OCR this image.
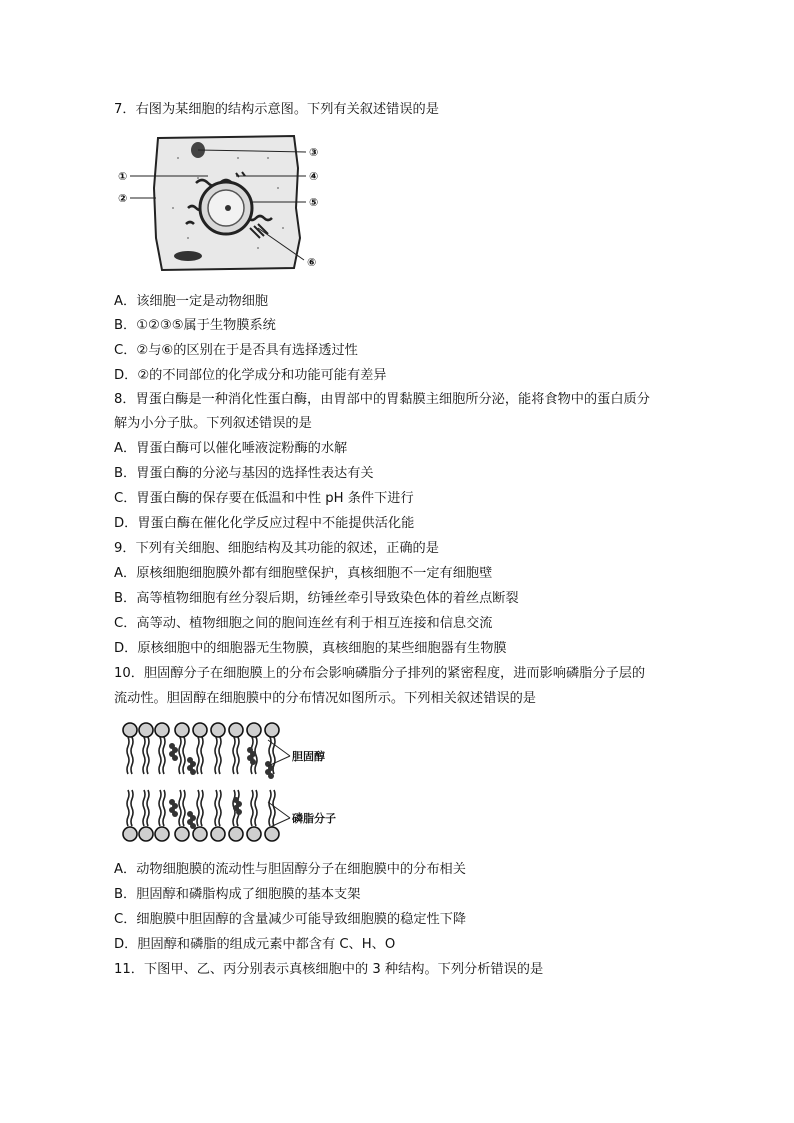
7．右图为某细胞的结构示意图。下列有关叙述错误的是
③
①
②
④
⑤
⑥
A．该细胞一定是动物细胞
B．①②③⑤属于生物膜系统
C．②与⑥的区别在于是否具有选择透过性
D．②的不同部位的化学成分和功能可能有差异
8．胃蛋白酶是一种消化性蛋白酶，由胃部中的胃黏膜主细胞所分泌，能将食物中的蛋白质分
解为小分子肽。下列叙述错误的是
A．胃蛋白酶可以催化唾液淀粉酶的水解
B．胃蛋白酶的分泌与基因的选择性表达有关
C．胃蛋白酶的保存要在低温和中性 pH 条件下进行
D．胃蛋白酶在催化化学反应过程中不能提供活化能
9．下列有关细胞、细胞结构及其功能的叙述，正确的是
A．原核细胞细胞膜外都有细胞壁保护，真核细胞不一定有细胞壁
B．高等植物细胞有丝分裂后期，纺锤丝牵引导致染色体的着丝点断裂
C．高等动、植物细胞之间的胞间连丝有利于相互连接和信息交流
D．原核细胞中的细胞器无生物膜，真核细胞的某些细胞器有生物膜
10．胆固醇分子在细胞膜上的分布会影响磷脂分子排列的紧密程度，进而影响磷脂分子层的
流动性。胆固醇在细胞膜中的分布情况如图所示。下列相关叙述错误的是
胆固醇
磷脂分子
A．动物细胞膜的流动性与胆固醇分子在细胞膜中的分布相关
B．胆固醇和磷脂构成了细胞膜的基本支架
C．细胞膜中胆固醇的含量减少可能导致细胞膜的稳定性下降
D．胆固醇和磷脂的组成元素中都含有 C、H、O
11．下图甲、乙、丙分别表示真核细胞中的 3 种结构。下列分析错误的是
